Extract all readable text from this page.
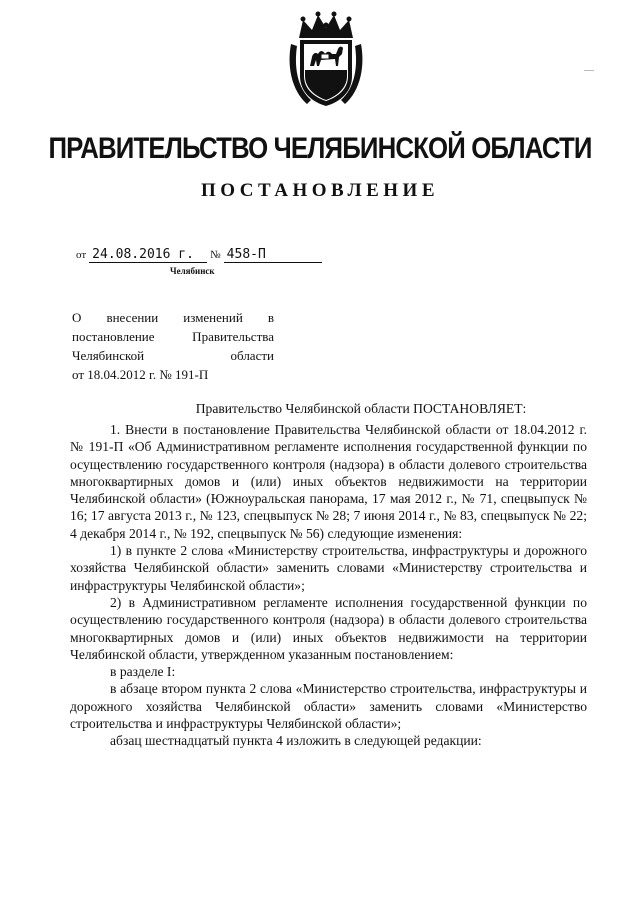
ПРАВИТЕЛЬСТВО ЧЕЛЯБИНСКОЙ ОБЛАСТИ
ПОСТАНОВЛЕНИЕ
от 24.08.2016 г. № 458-П
Челябинск
О внесении изменений в
постановление Правительства
Челябинской области
от 18.04.2012 г. № 191-П
Правительство Челябинской области ПОСТАНОВЛЯЕТ:

1. Внести в постановление Правительства Челябинской области от 18.04.2012 г. № 191-П «Об Административном регламенте исполнения государственной функции по осуществлению государственного контроля (надзора) в области долевого строительства многоквартирных домов и (или) иных объектов недвижимости на территории Челябинской области» (Южноуральская панорама, 17 мая 2012 г., № 71, спецвыпуск № 16; 17 августа 2013 г., № 123, спецвыпуск № 28; 7 июня 2014 г., № 83, спецвыпуск № 22; 4 декабря 2014 г., № 192, спецвыпуск № 56) следующие изменения:

1) в пункте 2 слова «Министерству строительства, инфраструктуры и дорожного хозяйства Челябинской области» заменить словами «Министерству строительства и инфраструктуры Челябинской области»;

2) в Административном регламенте исполнения государственной функции по осуществлению государственного контроля (надзора) в области долевого строительства многоквартирных домов и (или) иных объектов недвижимости на территории Челябинской области, утвержденном указанным постановлением:

в разделе I:

в абзаце втором пункта 2 слова «Министерство строительства, инфраструктуры и дорожного хозяйства Челябинской области» заменить словами «Министерство строительства и инфраструктуры Челябинской области»;

абзац шестнадцатый пункта 4 изложить в следующей редакции:
